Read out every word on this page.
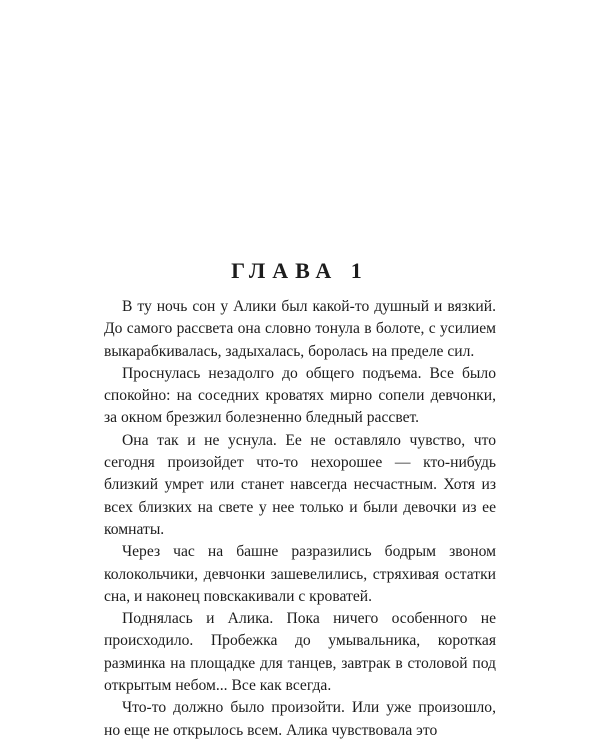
ГЛАВА 1

В ту ночь сон у Алики был какой-то душный и вязкий. До самого рассвета она словно тонула в болоте, с усилием выкарабкивалась, задыхалась, боролась на пределе сил.

Проснулась незадолго до общего подъема. Все было спокойно: на соседних кроватях мирно сопели девчонки, за окном брезжил болезненно бледный рассвет.

Она так и не уснула. Ее не оставляло чувство, что сегодня произойдет что-то нехорошее — кто-нибудь близкий умрет или станет навсегда несчастным. Хотя из всех близких на свете у нее только и были девочки из ее комнаты.

Через час на башне разразились бодрым звоном колокольчики, девчонки зашевелились, стряхивая остатки сна, и наконец повскакивали с кроватей.

Поднялась и Алика. Пока ничего особенного не происходило. Пробежка до умывальника, короткая разминка на площадке для танцев, завтрак в столовой под открытым небом... Все как всегда.

Что-то должно было произойти. Или уже произошло, но еще не открылось всем. Алика чувствовала это
